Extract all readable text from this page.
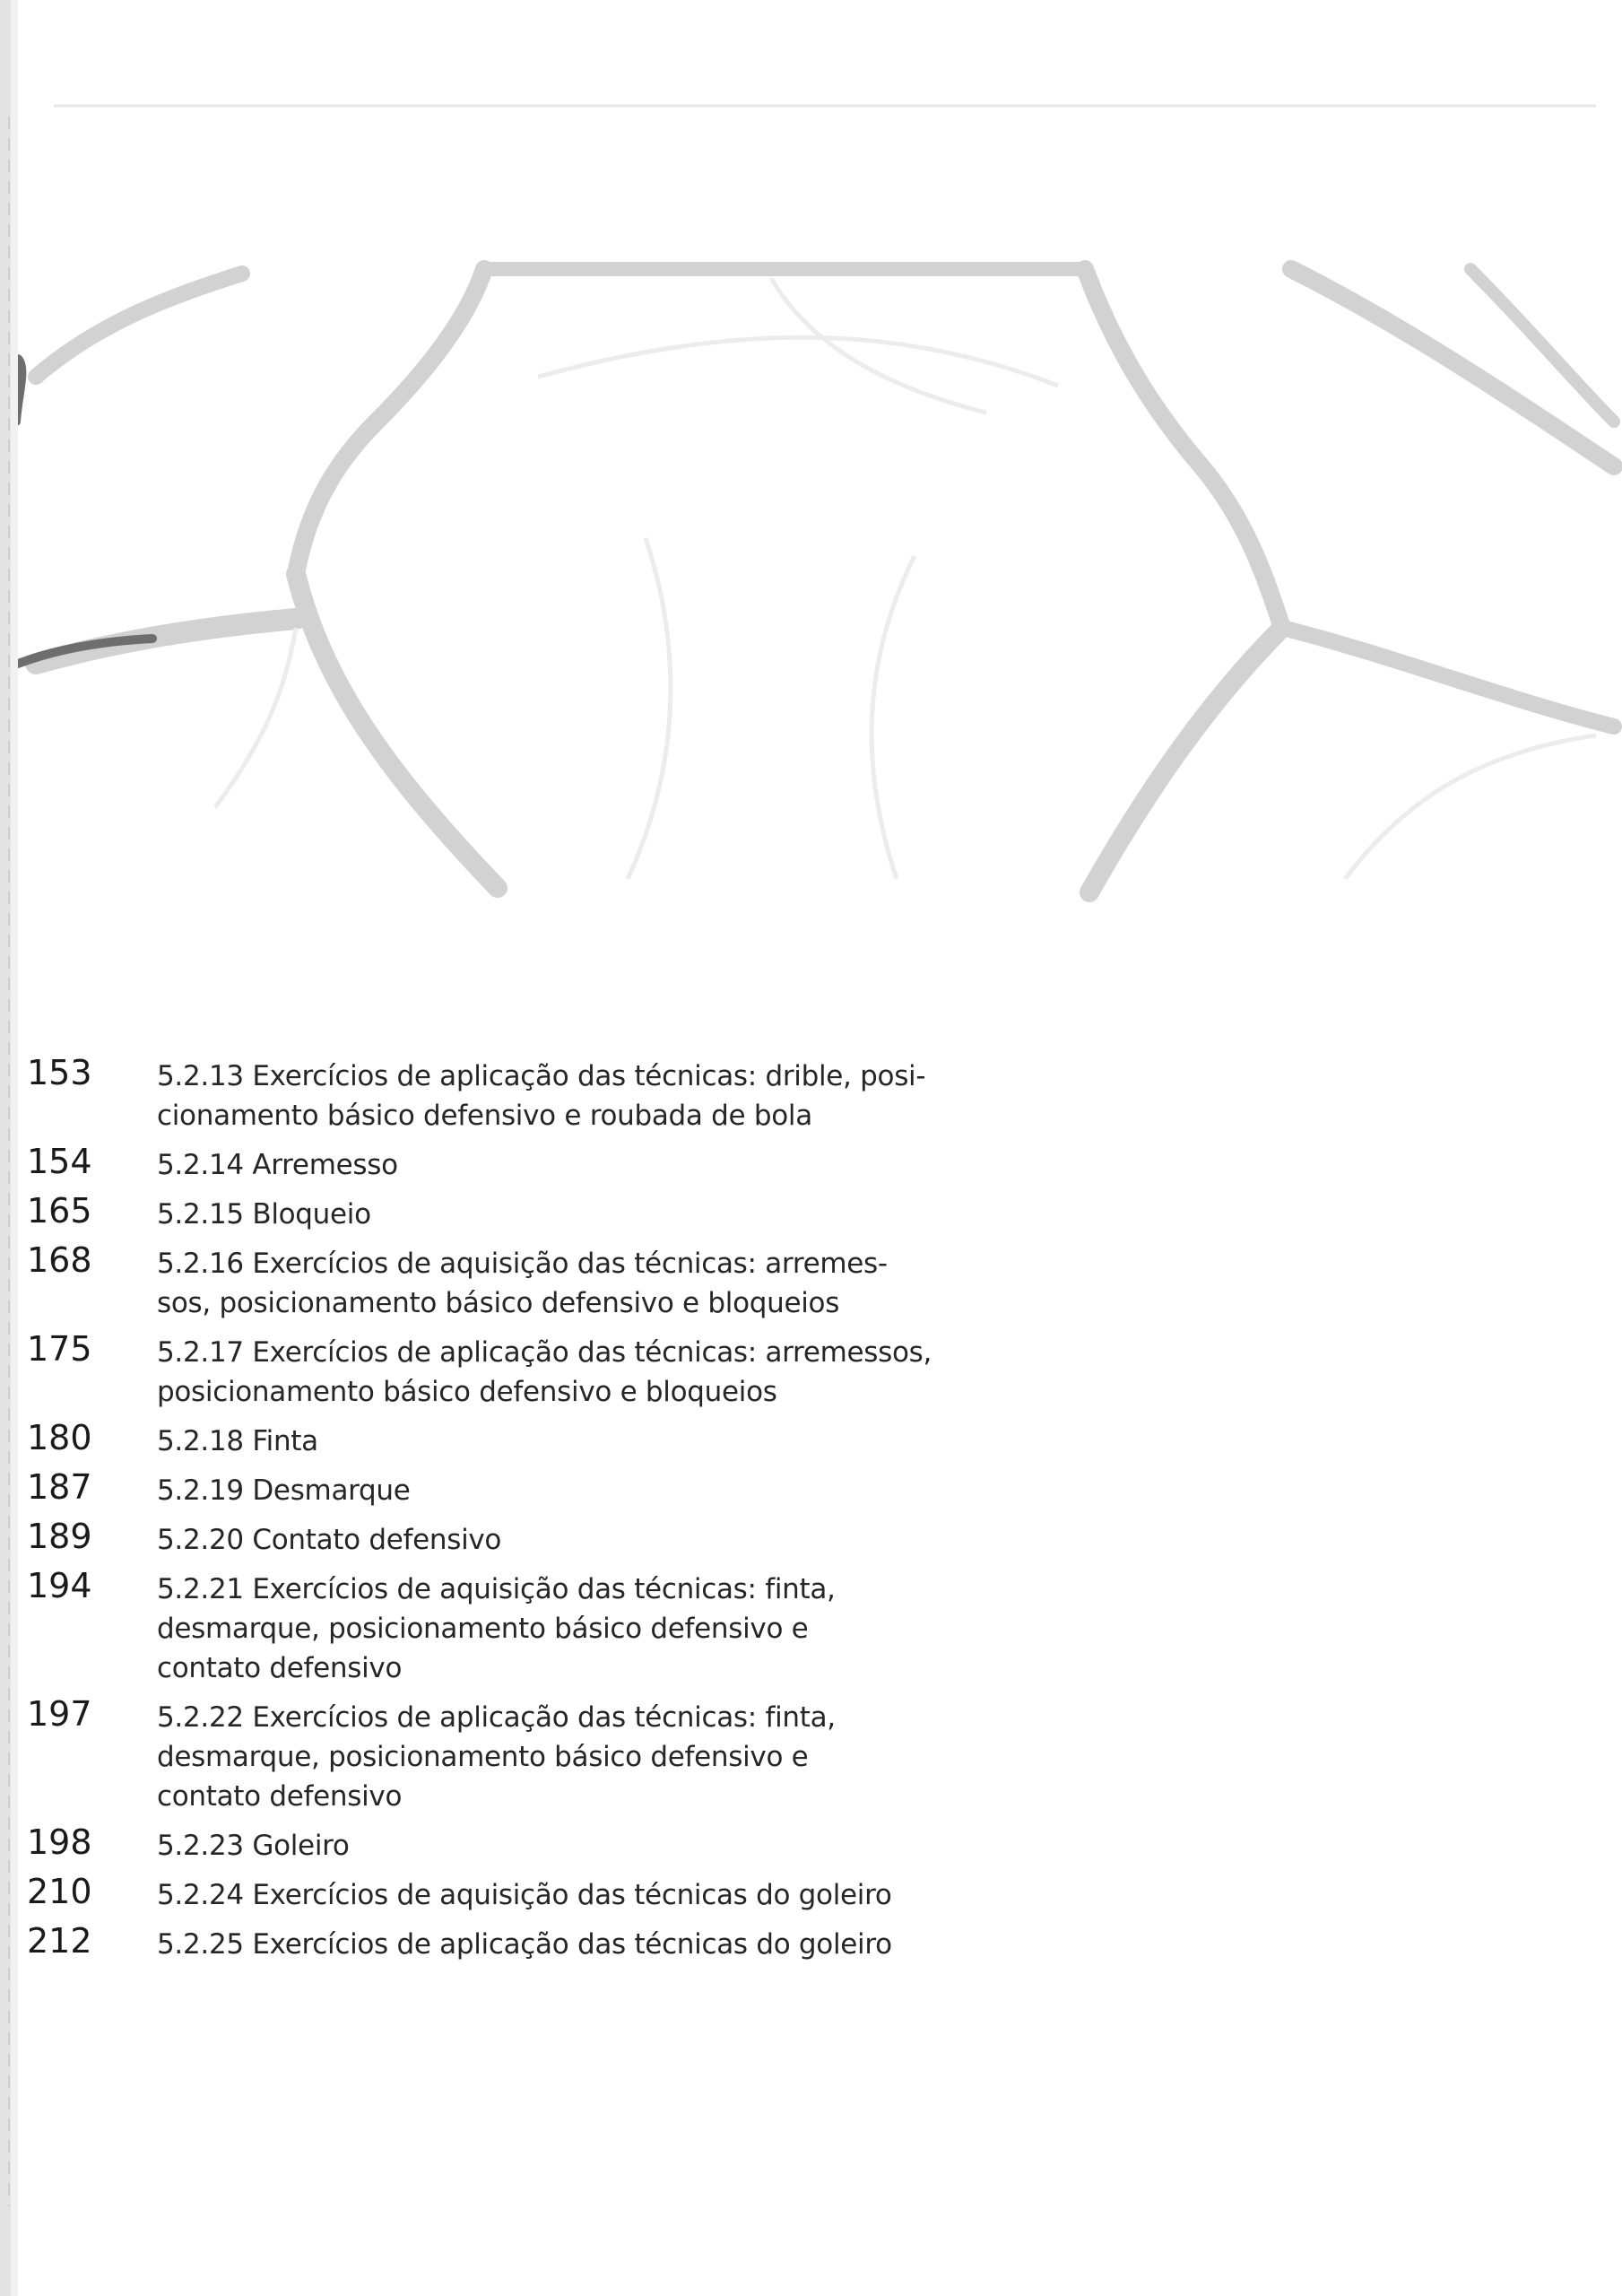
153	5.2.13 Exercícios de aplicação das técnicas: drible, posi-
cionamento básico defensivo e roubada de bola
154	5.2.14 Arremesso
165	5.2.15 Bloqueio
168	5.2.16 Exercícios de aquisição das técnicas: arremes-
sos, posicionamento básico defensivo e bloqueios
175	5.2.17 Exercícios de aplicação das técnicas: arremessos,
posicionamento básico defensivo e bloqueios
180	5.2.18 Finta
187	5.2.19 Desmarque
189	5.2.20 Contato defensivo
194	5.2.21 Exercícios de aquisição das técnicas: finta,
desmarque, posicionamento básico defensivo e
contato defensivo
197	5.2.22 Exercícios de aplicação das técnicas: finta,
desmarque, posicionamento básico defensivo e
contato defensivo
198	5.2.23 Goleiro
210	5.2.24 Exercícios de aquisição das técnicas do goleiro
212	5.2.25 Exercícios de aplicação das técnicas do goleiro
